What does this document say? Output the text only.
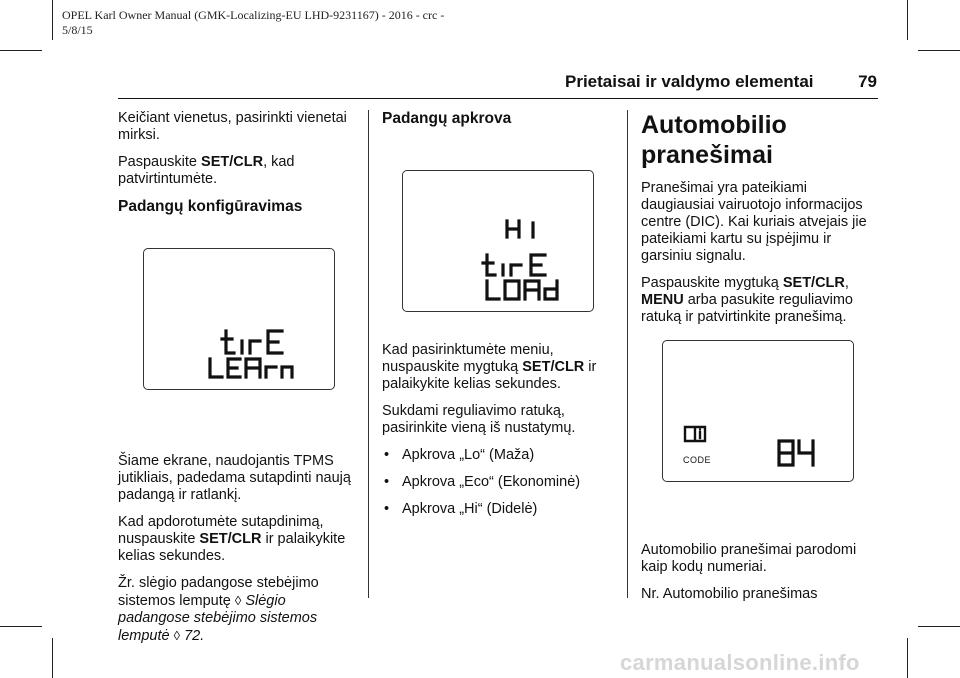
OPEL Karl Owner Manual (GMK-Localizing-EU LHD-9231167) - 2016 - crc -
5/8/15
Prietaisai ir valdymo elementai	79

Keičiant vienetus, pasirinkti vienetai mirksi.

Paspauskite SET/CLR, kad patvirtintumėte.

Padangų konfigūravimas

Šiame ekrane, naudojantis TPMS jutikliais, padedama sutapdinti naują padangą ir ratlankį.

Kad apdorotumėte sutapdinimą, nuspauskite SET/CLR ir palaikykite kelias sekundes.

Žr. slėgio padangose stebėjimo sistemos lemputę ◊ Slėgio padangose stebėjimo sistemos lemputė ◊ 72.

Padangų apkrova

Kad pasirinktumėte meniu, nuspauskite mygtuką SET/CLR ir palaikykite kelias sekundes.

Sukdami reguliavimo ratuką, pasirinkite vieną iš nustatymų.

• Apkrova „Lo“ (Maža)
• Apkrova „Eco“ (Ekonominė)
• Apkrova „Hi“ (Didelė)
Automobilio pranešimai

Pranešimai yra pateikiami daugiausiai vairuotojo informacijos centre (DIC). Kai kuriais atvejais jie pateikiami kartu su įspėjimu ir garsiniu signalu.

Paspauskite mygtuką SET/CLR, MENU arba pasukite reguliavimo ratuką ir patvirtinkite pranešimą.

Automobilio pranešimai parodomi kaip kodų numeriai.

Nr. Automobilio pranešimas

CODE
carmanualsonline.info
